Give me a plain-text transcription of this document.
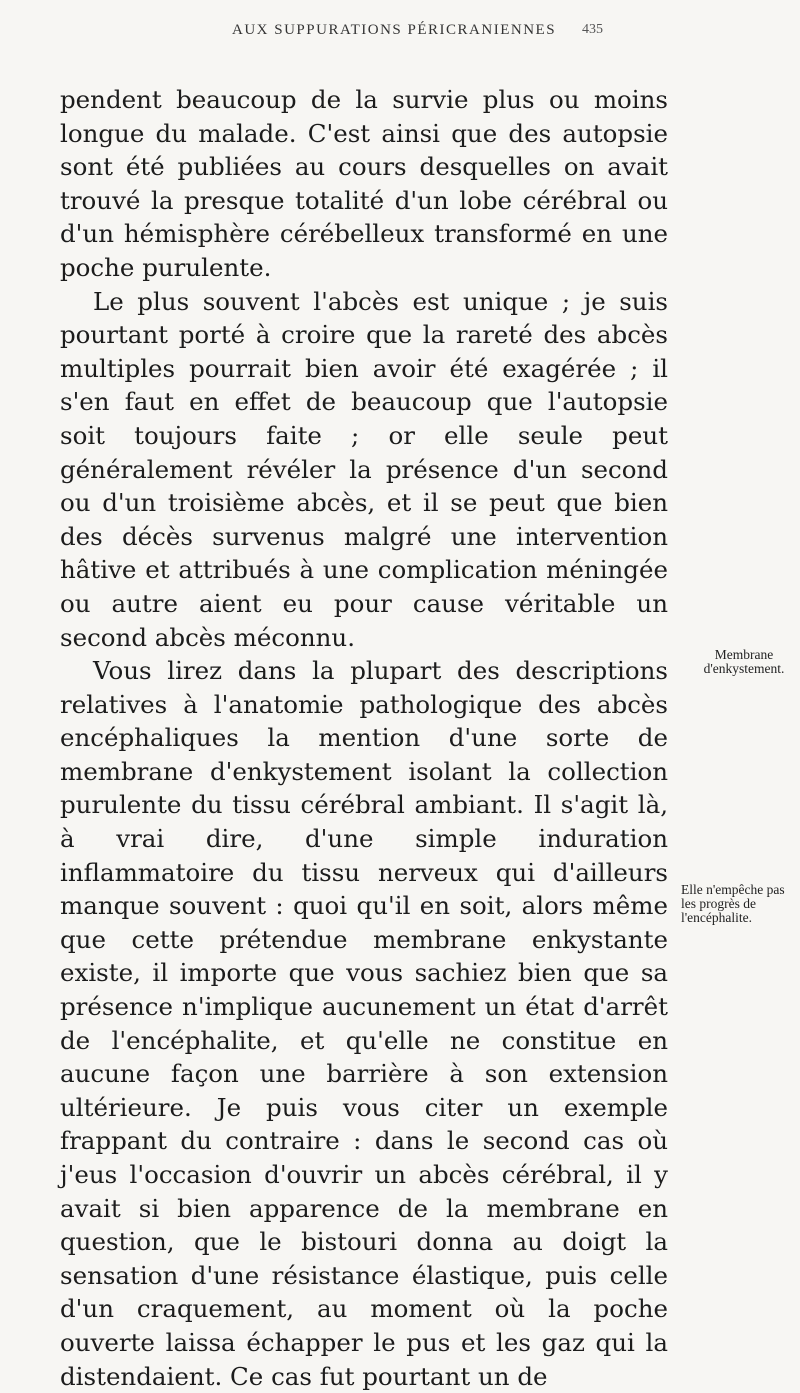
AUX SUPPURATIONS PÉRICRANIENNES 435

pendent beaucoup de la survie plus ou moins longue du malade. C'est ainsi que des autopsie sont été publiées au cours desquelles on avait trouvé la presque totalité d'un lobe cérébral ou d'un hémisphère cérébelleux transformé en une poche purulente.

Le plus souvent l'abcès est unique ; je suis pourtant porté à croire que la rareté des abcès multiples pourrait bien avoir été exagérée ; il s'en faut en effet de beaucoup que l'autopsie soit toujours faite ; or elle seule peut généralement révéler la présence d'un second ou d'un troisième abcès, et il se peut que bien des décès survenus malgré une intervention hâtive et attribués à une complication méningée ou autre aient eu pour cause véritable un second abcès méconnu.

Vous lirez dans la plupart des descriptions relatives à l'anatomie pathologique des abcès encéphaliques la mention d'une sorte de membrane d'enkystement isolant la collection purulente du tissu cérébral ambiant. Il s'agit là, à vrai dire, d'une simple induration inflammatoire du tissu nerveux qui d'ailleurs manque souvent : quoi qu'il en soit, alors même que cette prétendue membrane enkystante existe, il importe que vous sachiez bien que sa présence n'implique aucunement un état d'arrêt de l'encéphalite, et qu'elle ne constitue en aucune façon une barrière à son extension ultérieure. Je puis vous citer un exemple frappant du contraire : dans le second cas où j'eus l'occasion d'ouvrir un abcès cérébral, il y avait si bien apparence de la membrane en question, que le bistouri donna au doigt la sensation d'une résistance élastique, puis celle d'un craquement, au moment où la poche ouverte laissa échapper le pus et les gaz qui la distendaient. Ce cas fut pourtant un de

Membrane d'enkystement.
Elle n'empêche pas les progrès de l'encéphalite.
